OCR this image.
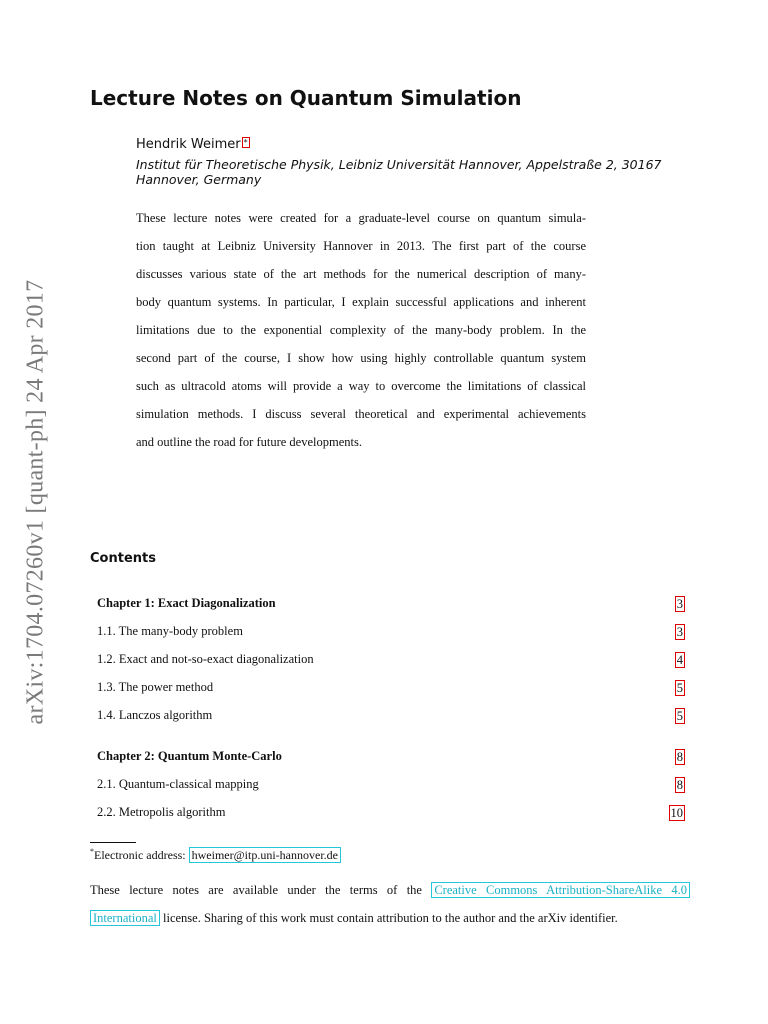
arXiv:1704.07260v1 [quant-ph] 24 Apr 2017
Lecture Notes on Quantum Simulation
Hendrik Weimer *
Institut für Theoretische Physik, Leibniz Universität Hannover, Appelstraße 2, 30167 Hannover, Germany
These lecture notes were created for a graduate-level course on quantum simula-
tion taught at Leibniz University Hannover in 2013. The first part of the course
discusses various state of the art methods for the numerical description of many-
body quantum systems. In particular, I explain successful applications and inherent
limitations due to the exponential complexity of the many-body problem. In the
second part of the course, I show how using highly controllable quantum system
such as ultracold atoms will provide a way to overcome the limitations of classical
simulation methods. I discuss several theoretical and experimental achievements
and outline the road for future developments.
Contents
Chapter 1: Exact Diagonalization	3
1.1. The many-body problem	3
1.2. Exact and not-so-exact diagonalization	4
1.3. The power method	5
1.4. Lanczos algorithm	5
Chapter 2: Quantum Monte-Carlo	8
2.1. Quantum-classical mapping	8
2.2. Metropolis algorithm	10
*Electronic address: hweimer@itp.uni-hannover.de
These lecture notes are available under the terms of the Creative Commons Attribution-ShareAlike 4.0
International license. Sharing of this work must contain attribution to the author and the arXiv identifier.
